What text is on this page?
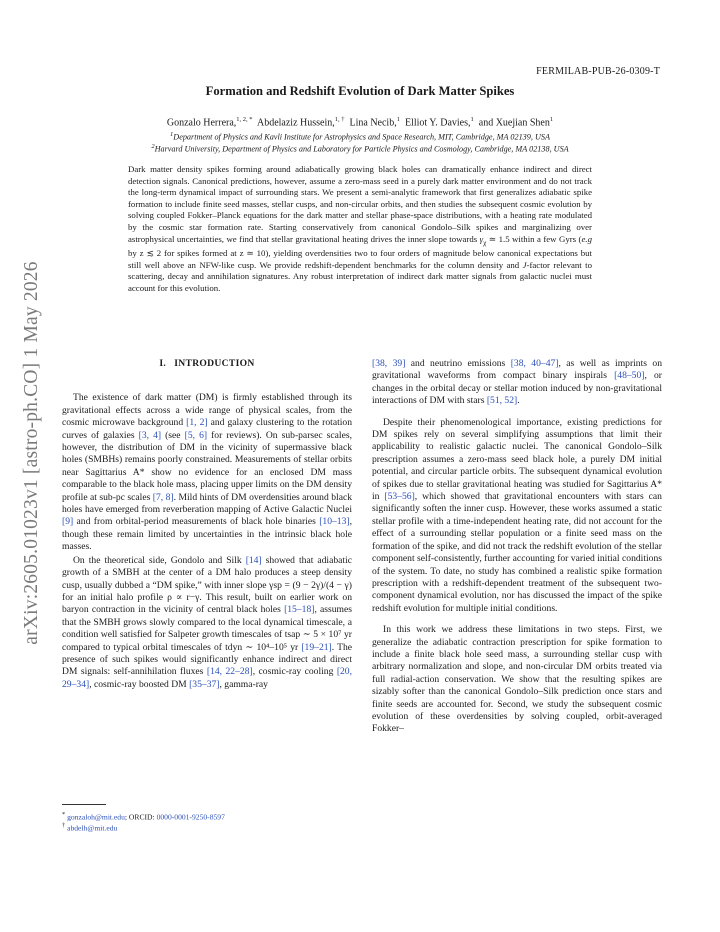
arXiv:2605.01023v1 [astro-ph.CO] 1 May 2026
FERMILAB-PUB-26-0309-T
Formation and Redshift Evolution of Dark Matter Spikes
Gonzalo Herrera,$^{1, 2, *}$ Abdelaziz Hussein,$^{1, \dagger}$ Lina Necib,$^1$ Elliot Y. Davies,$^1$ and Xuejian Shen$^1$
$^1$Department of Physics and Kavli Institute for Astrophysics and Space Research, MIT, Cambridge, MA 02139, USA
$^2$Harvard University, Department of Physics and Laboratory for Particle Physics and Cosmology, Cambridge, MA 02138, USA
Dark matter density spikes forming around adiabatically growing black holes can dramatically enhance indirect and direct detection signals. Canonical predictions, however, assume a zero-mass seed in a purely dark matter environment and do not track the long-term dynamical impact of surrounding stars. We present a semi-analytic framework that first generalizes adiabatic spike formation to include finite seed masses, stellar cusps, and non-circular orbits, and then studies the subsequent cosmic evolution by solving coupled Fokker–Planck equations for the dark matter and stellar phase-space distributions, with a heating rate modulated by the cosmic star formation rate. Starting conservatively from canonical Gondolo–Silk spikes and marginalizing over astrophysical uncertainties, we find that stellar gravitational heating drives the inner slope towards $\gamma_\chi$ ≃ 1.5 within a few Gyrs (e.g by z ≲ 2 for spikes formed at z ≃ 10), yielding overdensities two to four orders of magnitude below canonical expectations but still well above an NFW-like cusp. We provide redshift-dependent benchmarks for the column density and J-factor relevant to scattering, decay and annihilation signatures. Any robust interpretation of indirect dark matter signals from galactic nuclei must account for this evolution.
I. INTRODUCTION

The existence of dark matter (DM) is firmly established through its gravitational effects across a wide range of physical scales, from the cosmic microwave background [1, 2] and galaxy clustering to the rotation curves of galaxies [3, 4] (see [5, 6] for reviews). On sub-parsec scales, however, the distribution of DM in the vicinity of supermassive black holes (SMBHs) remains poorly constrained. Measurements of stellar orbits near Sagittarius A* show no evidence for an enclosed DM mass comparable to the black hole mass, placing upper limits on the DM density profile at sub-pc scales [7, 8]. Mild hints of DM overdensities around black holes have emerged from reverberation mapping of Active Galactic Nuclei [9] and from orbital-period measurements of black hole binaries [10–13], though these remain limited by uncertainties in the intrinsic black hole masses.

On the theoretical side, Gondolo and Silk [14] showed that adiabatic growth of a SMBH at the center of a DM halo produces a steep density cusp, usually dubbed a “DM spike,” with inner slope γsp = (9 − 2γ)/(4 − γ) for an initial halo profile ρ ∝ r−γ. This result, built on earlier work on baryon contraction in the vicinity of central black holes [15–18], assumes that the SMBH grows slowly compared to the local dynamical timescale, a condition well satisfied for Salpeter growth timescales of tsap ∼ 5 × 10⁷ yr compared to typical orbital timescales of tdyn ∼ 10⁴–10⁵ yr [19–21]. The presence of such spikes would significantly enhance indirect and direct DM signals: self-annihilation fluxes [14, 22–28], cosmic-ray cooling [20, 29–34], cosmic-ray boosted DM [35–37], gamma-ray

[38, 39] and neutrino emissions [38, 40–47], as well as imprints on gravitational waveforms from compact binary inspirals [48–50], or changes in the orbital decay or stellar motion induced by non-gravitational interactions of DM with stars [51, 52].

Despite their phenomenological importance, existing predictions for DM spikes rely on several simplifying assumptions that limit their applicability to realistic galactic nuclei. The canonical Gondolo–Silk prescription assumes a zero-mass seed black hole, a purely DM initial potential, and circular particle orbits. The subsequent dynamical evolution of spikes due to stellar gravitational heating was studied for Sagittarius A* in [53–56], which showed that gravitational encounters with stars can significantly soften the inner cusp. However, these works assumed a static stellar profile with a time-independent heating rate, did not account for the effect of a surrounding stellar population or a finite seed mass on the formation of the spike, and did not track the redshift evolution of the stellar component self-consistently, further accounting for varied initial conditions of the system. To date, no study has combined a realistic spike formation prescription with a redshift-dependent treatment of the subsequent two-component dynamical evolution, nor has discussed the impact of the spike redshift evolution for multiple initial conditions.

In this work we address these limitations in two steps. First, we generalize the adiabatic contraction prescription for spike formation to include a finite black hole seed mass, a surrounding stellar cusp with arbitrary normalization and slope, and non-circular DM orbits treated via full radial-action conservation. We show that the resulting spikes are sizably softer than the canonical Gondolo–Silk prediction once stars and finite seeds are accounted for. Second, we study the subsequent cosmic evolution of these overdensities by solving coupled, orbit-averaged Fokker–

* gonzaloh@mit.edu; ORCID: 0000-0001-9250-8597
† abdelh@mit.edu
